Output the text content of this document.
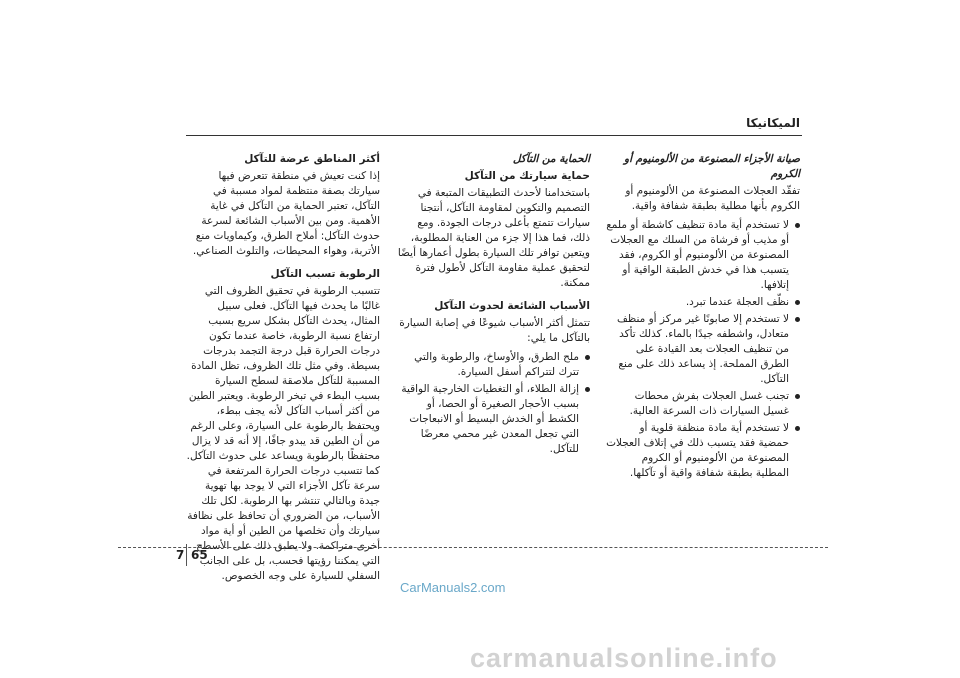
الميكانيكا
صيانة الأجزاء المصنوعة من الألومنيوم أو الكروم

تفقّد العجلات المصنوعة من الألومنيوم أو الكروم بأنها مطلية بطبقة شفافة واقية.

لا تستخدم أية مادة تنظيف كاشطة أو ملمع أو مذيب أو فرشاة من السلك مع العجلات المصنوعة من الألومنيوم أو الكروم، فقد يتسبب هذا في خدش الطبقة الواقية أو إتلافها.
نظّف العجلة عندما تبرد.
لا تستخدم إلا صابونًا غير مركز أو منظف متعادل، واشطفه جيدًا بالماء. كذلك تأكد من تنظيف العجلات بعد القيادة على الطرق المملحة. إذ يساعد ذلك على منع التآكل.
تجنب غسل العجلات بفرش محطات غسيل السيارات ذات السرعة العالية.
لا تستخدم أية مادة منظفة قلوية أو حمضية فقد يتسبب ذلك في إتلاف العجلات المصنوعة من الألومنيوم أو الكروم المطلية بطبقة شفافة واقية أو تآكلها.
الحماية من التآكل
حماية سيارتك من التآكل

باستخدامنا لأحدث التطبيقات المتبعة في التصميم والتكوين لمقاومة التآكل، أنتجنا سيارات تتمتع بأعلى درجات الجودة. ومع ذلك، فما هذا إلا جزء من العناية المطلوبة، ويتعين توافر تلك السيارة بطول أعمارها أيضًا لتحقيق عملية مقاومة التآكل لأطول فترة ممكنة.

الأسباب الشائعة لحدوث التآكل

تتمثل أكثر الأسباب شيوعًا في إصابة السيارة بالتآكل ما يلي:

ملح الطرق، والأوساخ، والرطوبة والتي تترك لتتراكم أسفل السيارة.
إزالة الطلاء، أو التغطيات الخارجية الواقية بسبب الأحجار الصغيرة أو الحصا، أو الكشط أو الخدش البسيط أو الانبعاجات التي تجعل المعدن غير محمي معرضًا للتآكل.
أكثر المناطق عرضة للتآكل

إذا كنت تعيش في منطقة تتعرض فيها سيارتك بصفة منتظمة لمواد مسببة في التآكل، تعتبر الحماية من التآكل في غاية الأهمية. ومن بين الأسباب الشائعة لسرعة حدوث التآكل: أملاح الطرق، وكيماويات منع الأتربة، وهواء المحيطات، والتلوث الصناعي.

الرطوبة تسبب التآكل

تتسبب الرطوبة في تحقيق الظروف التي غالبًا ما يحدث فيها التآكل. فعلى سبيل المثال، يحدث التآكل بشكل سريع بسبب ارتفاع نسبة الرطوبة، خاصة عندما تكون درجات الحرارة قبل درجة التجمد بدرجات بسيطة. وفي مثل تلك الظروف، تظل المادة المسببة للتآكل ملاصقة لسطح السيارة بسبب البطء في تبخر الرطوبة. ويعتبر الطين من أكثر أسباب التآكل لأنه يجف ببطء، ويحتفظ بالرطوبة على السيارة، وعلى الرغم من أن الطين قد يبدو جافًا، إلا أنه قد لا يزال محتفظًا بالرطوبة ويساعد على حدوث التآكل. كما تتسبب درجات الحرارة المرتفعة في سرعة تآكل الأجزاء التي لا يوجد بها تهوية جيدة وبالتالي تنتشر بها الرطوبة. لكل تلك الأسباب، من الضروري أن تحافظ على نظافة سيارتك وأن تخلصها من الطين أو أية مواد أخرى متراكمة. ولا يطبق ذلك على الأسطح التي يمكننا رؤيتها فحسب، بل على الجانب السفلي للسيارة على وجه الخصوص.

7 65
CarManuals2.com
carmanualsonline.info
